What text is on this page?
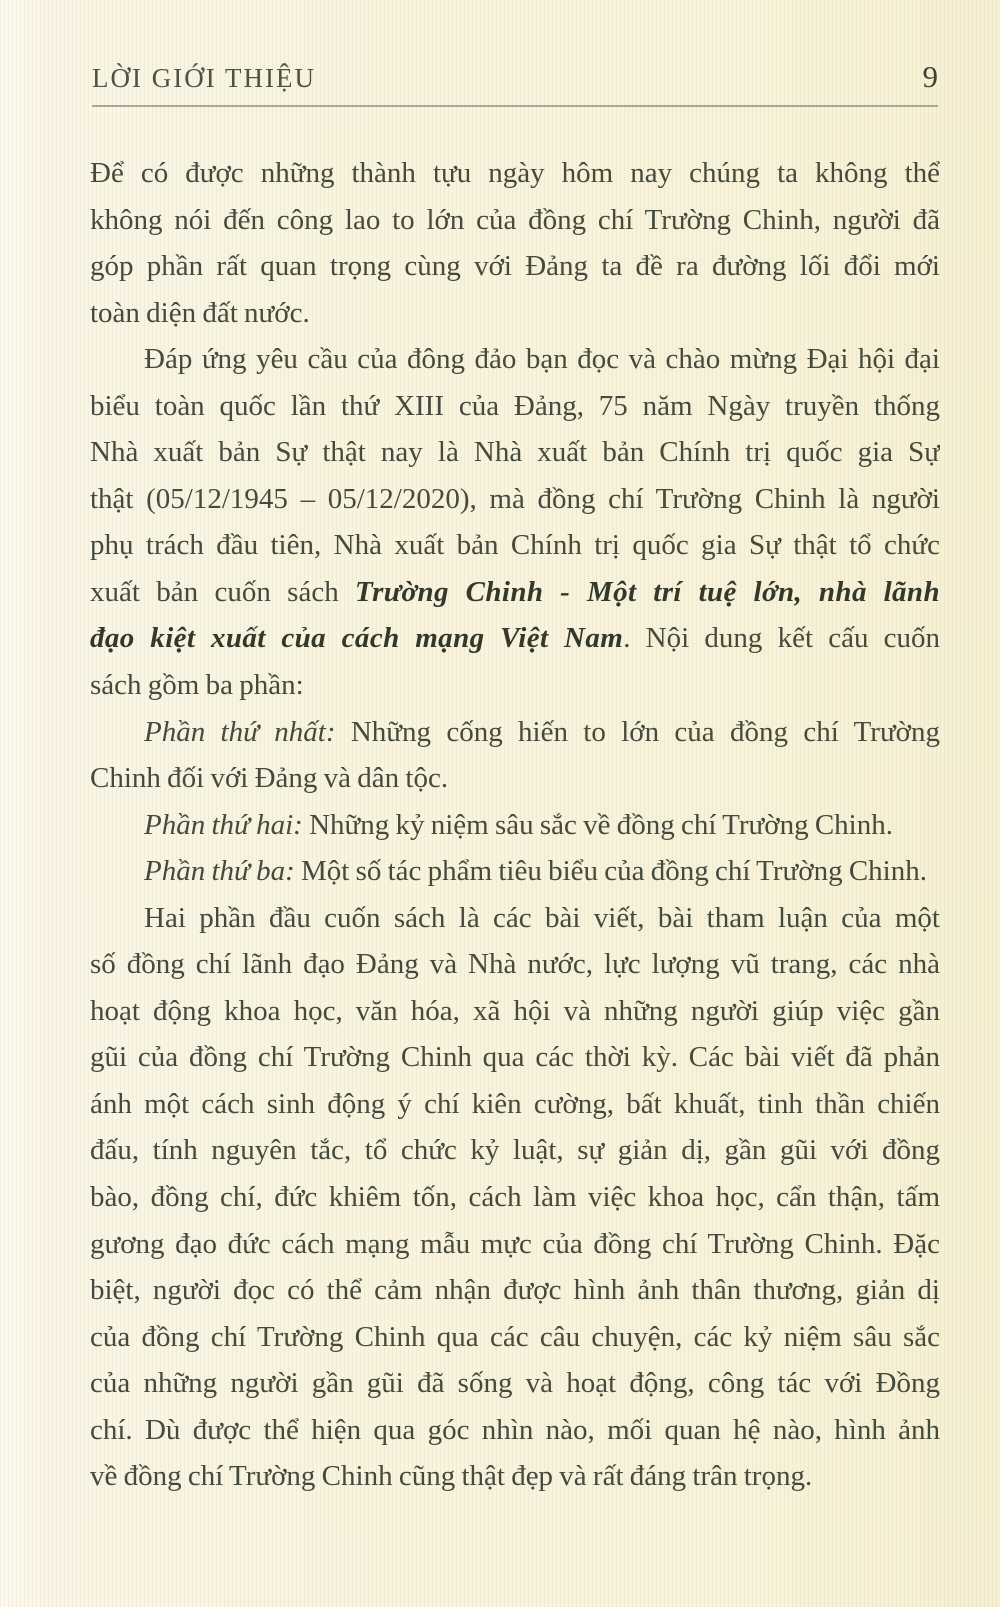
LỜI GIỚI THIỆU	9
Để có được những thành tựu ngày hôm nay chúng ta không thể
không nói đến công lao to lớn của đồng chí Trường Chinh, người đã
góp phần rất quan trọng cùng với Đảng ta đề ra đường lối đổi mới
toàn diện đất nước.
Đáp ứng yêu cầu của đông đảo bạn đọc và chào mừng Đại hội đại
biểu toàn quốc lần thứ XIII của Đảng, 75 năm Ngày truyền thống
Nhà xuất bản Sự thật nay là Nhà xuất bản Chính trị quốc gia Sự
thật (05/12/1945 – 05/12/2020), mà đồng chí Trường Chinh là người
phụ trách đầu tiên, Nhà xuất bản Chính trị quốc gia Sự thật tổ chức
xuất bản cuốn sách Trường Chinh - Một trí tuệ lớn, nhà lãnh
đạo kiệt xuất của cách mạng Việt Nam. Nội dung kết cấu cuốn
sách gồm ba phần:
Phần thứ nhất: Những cống hiến to lớn của đồng chí Trường
Chinh đối với Đảng và dân tộc.
Phần thứ hai: Những kỷ niệm sâu sắc về đồng chí Trường Chinh.
Phần thứ ba: Một số tác phẩm tiêu biểu của đồng chí Trường Chinh.
Hai phần đầu cuốn sách là các bài viết, bài tham luận của một
số đồng chí lãnh đạo Đảng và Nhà nước, lực lượng vũ trang, các nhà
hoạt động khoa học, văn hóa, xã hội và những người giúp việc gần
gũi của đồng chí Trường Chinh qua các thời kỳ. Các bài viết đã phản
ánh một cách sinh động ý chí kiên cường, bất khuất, tinh thần chiến
đấu, tính nguyên tắc, tổ chức kỷ luật, sự giản dị, gần gũi với đồng
bào, đồng chí, đức khiêm tốn, cách làm việc khoa học, cẩn thận, tấm
gương đạo đức cách mạng mẫu mực của đồng chí Trường Chinh. Đặc
biệt, người đọc có thể cảm nhận được hình ảnh thân thương, giản dị
của đồng chí Trường Chinh qua các câu chuyện, các kỷ niệm sâu sắc
của những người gần gũi đã sống và hoạt động, công tác với Đồng
chí. Dù được thể hiện qua góc nhìn nào, mối quan hệ nào, hình ảnh
về đồng chí Trường Chinh cũng thật đẹp và rất đáng trân trọng.
